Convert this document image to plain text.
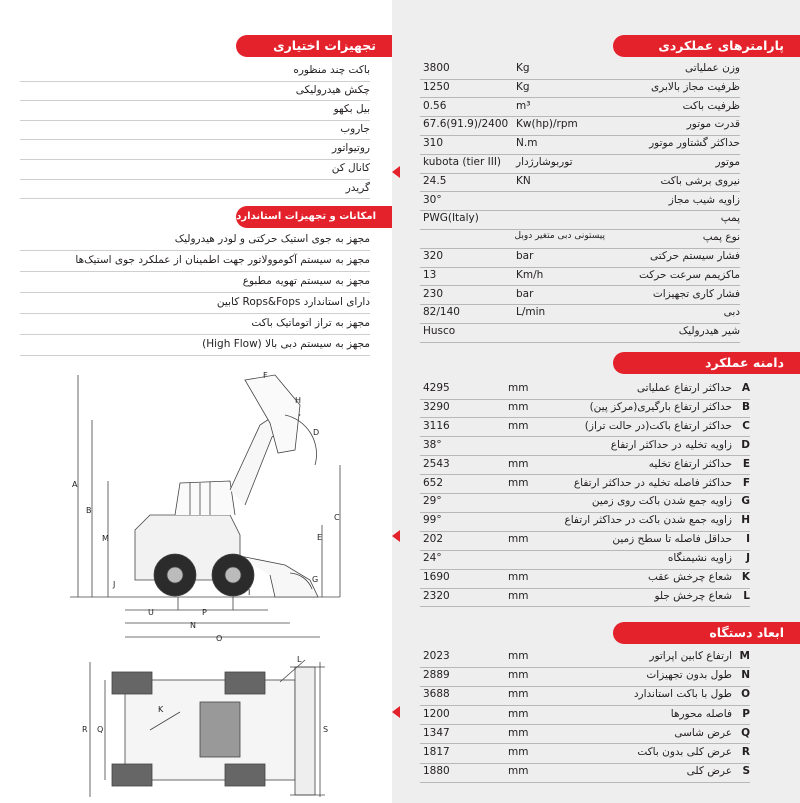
تجهیزات اختیاری
باکت چند منظوره
چکش هیدرولیکی
بیل بکهو
جاروب
روتیواتور
کانال کن
گریدر
امکانات و تجهیزات استاندارد
مجهز به جوی استیک حرکتی و لودر هیدرولیک
مجهز به سیستم آکوموولاتور جهت اطمینان از عملکرد جوی استیک‌ها
مجهز به سیستم تهویه مطبوع
دارای استاندارد Rops&Fops کابین
مجهز به تراز اتوماتیک باکت
مجهز به سیستم دبی بالا (High Flow)
A
B
M
C
E
F
H
D
G
J
I
U	P
N
O
R Q	S
K
L
پارامترهای عملکردی
3800	Kg	وزن عملیاتی
1250	Kg	ظرفیت مجاز بالابری
0.56	m³	ظرفیت باکت
67.6(91.9)/2400 Kw(hp)/rpm	قدرت موتور
310	N.m	حداکثر گشتاور موتور
kubota (tier III) توربوشارژدار	موتور
24.5	KN	نیروی برشی باکت
30°	زاویه شیب مجاز
PWG(Italy)	پمپ
پیستونی دبی متغیر دوبل	نوع پمپ
320	bar	فشار سیستم حرکتی
13	Km/h	ماکزیمم سرعت حرکت
230	bar	فشار کاری تجهیزات
82/140	L/min	دبی
Husco	شیر هیدرولیک
دامنه عملکرد
4295	mm	حداکثر ارتفاع عملیاتی A
3290	mm	حداکثر ارتفاع بارگیری(مرکز پین) B
3116	mm	حداکثر ارتفاع باکت(در حالت تراز) C
38°	زاویه تخلیه در حداکثر ارتفاع D
2543	mm	حداکثر ارتفاع تخلیه E
652	mm	حداکثر فاصله تخلیه در حداکثر ارتفاع F
29°	زاویه جمع شدن باکت روی زمین G
99°	زاویه جمع شدن باکت در حداکثر ارتفاع H
202	mm	حداقل فاصله تا سطح زمین I
24°	زاویه نشیمنگاه J
1690	mm	شعاع چرخش عقب K
2320	mm	شعاع چرخش جلو L
ابعاد دستگاه
2023	mm	ارتفاع کابین اپراتور M
2889	mm	طول بدون تجهیزات N
3688	mm	طول با باکت استاندارد O
1200	mm	فاصله محورها P
1347	mm	عرض شاسی Q
1817	mm	عرض کلی بدون باکت R
1880	mm	عرض کلی S
